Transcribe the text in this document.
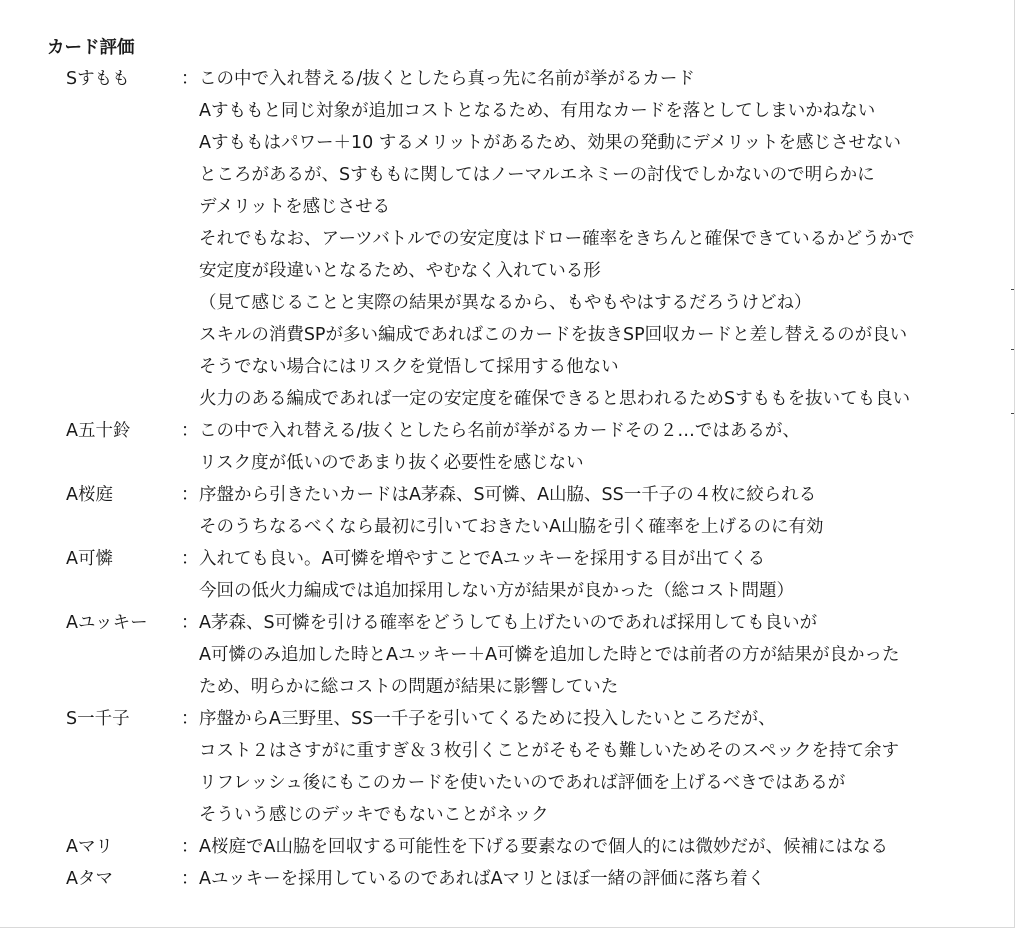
カード評価
Sすもも	： この中で入れ替える/抜くとしたら真っ先に名前が挙がるカード
Aすももと同じ対象が追加コストとなるため、有用なカードを落としてしまいかねない
Aすももはパワー＋10 するメリットがあるため、効果の発動にデメリットを感じさせない
ところがあるが、Sすももに関してはノーマルエネミーの討伐でしかないので明らかに
デメリットを感じさせる
それでもなお、アーツバトルでの安定度はドロー確率をきちんと確保できているかどうかで
安定度が段違いとなるため、やむなく入れている形
（見て感じることと実際の結果が異なるから、もやもやはするだろうけどね）
スキルの消費SPが多い編成であればこのカードを抜きSP回収カードと差し替えるのが良い
そうでない場合にはリスクを覚悟して採用する他ない
火力のある編成であれば一定の安定度を確保できると思われるためSすももを抜いても良い
A五十鈴	： この中で入れ替える/抜くとしたら名前が挙がるカードその２…ではあるが、
リスク度が低いのであまり抜く必要性を感じない
A桜庭	： 序盤から引きたいカードはA茅森、S可憐、A山脇、SS一千子の４枚に絞られる
そのうちなるべくなら最初に引いておきたいA山脇を引く確率を上げるのに有効
A可憐	： 入れても良い。A可憐を増やすことでAユッキーを採用する目が出てくる
今回の低火力編成では追加採用しない方が結果が良かった（総コスト問題）
Aユッキー ： A茅森、S可憐を引ける確率をどうしても上げたいのであれば採用しても良いが
A可憐のみ追加した時とAユッキー＋A可憐を追加した時とでは前者の方が結果が良かった
ため、明らかに総コストの問題が結果に影響していた
S一千子	： 序盤からA三野里、SS一千子を引いてくるために投入したいところだが、
コスト２はさすがに重すぎ＆３枚引くことがそもそも難しいためそのスペックを持て余す
リフレッシュ後にもこのカードを使いたいのであれば評価を上げるべきではあるが
そういう感じのデッキでもないことがネック
Aマリ	： A桜庭でA山脇を回収する可能性を下げる要素なので個人的には微妙だが、候補にはなる
Aタマ	： Aユッキーを採用しているのであればAマリとほぼ一緒の評価に落ち着く
